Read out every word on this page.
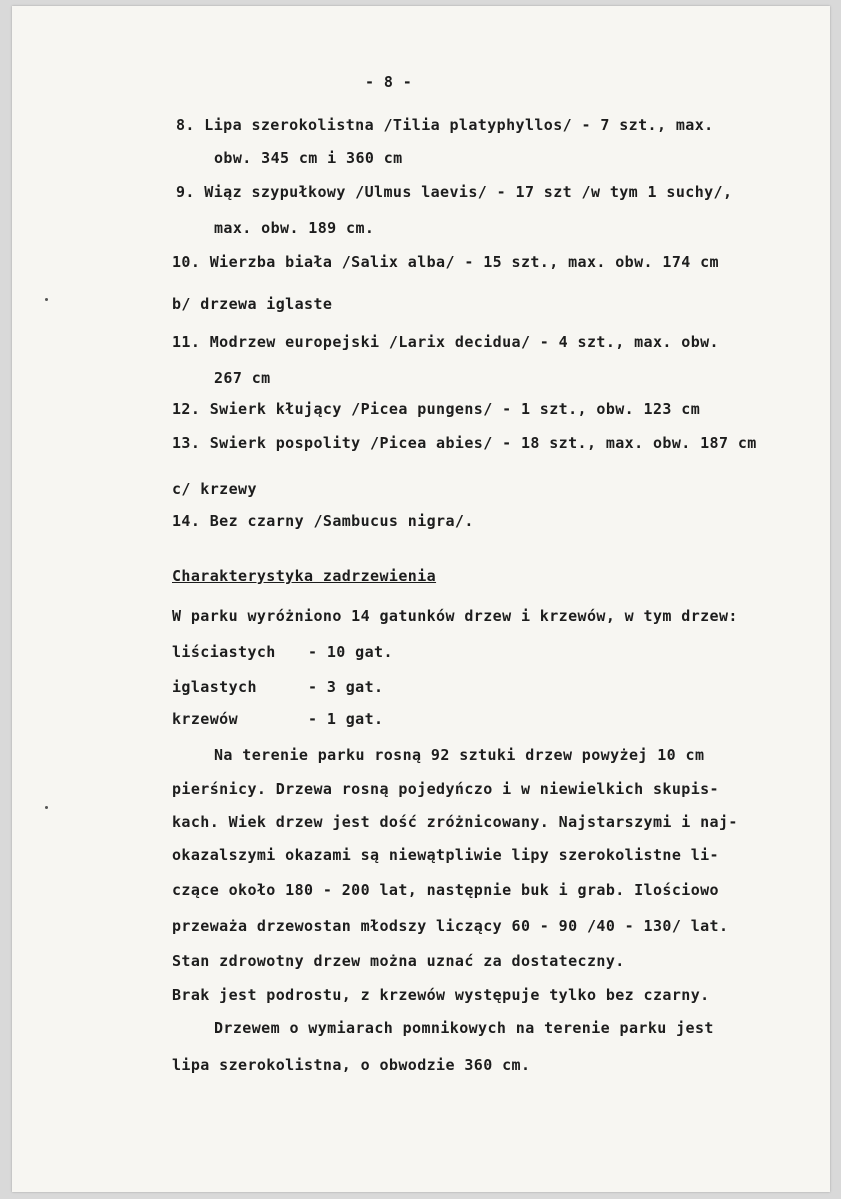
- 8 -
8. Lipa szerokolistna /Tilia platyphyllos/ - 7 szt., max.
obw. 345 cm i 360 cm
9. Wiąz szypułkowy /Ulmus laevis/ - 17 szt /w tym 1 suchy/,
max. obw. 189 cm.
10. Wierzba biała /Salix alba/ - 15 szt., max. obw. 174 cm
b/ drzewa iglaste
11. Modrzew europejski /Larix decidua/ - 4 szt., max. obw.
267 cm
12. Swierk kłujący /Picea pungens/ - 1 szt., obw. 123 cm
13. Swierk pospolity /Picea abies/ - 18 szt., max. obw. 187 cm
c/ krzewy
14. Bez czarny /Sambucus nigra/.
Charakterystyka zadrzewienia
W parku wyróżniono 14 gatunków drzew i krzewów, w tym drzew:
liściastych - 10 gat.
iglastych	- 3 gat.
krzewów	- 1 gat.
Na terenie parku rosną 92 sztuki drzew powyżej 10 cm
pierśnicy. Drzewa rosną pojedyńczo i w niewielkich skupis-
kach. Wiek drzew jest dość zróżnicowany. Najstarszymi i naj-
okazalszymi okazami są niewątpliwie lipy szerokolistne li-
czące około 180 - 200 lat, następnie buk i grab. Ilościowo
przeważa drzewostan młodszy liczący 60 - 90 /40 - 130/ lat.
Stan zdrowotny drzew można uznać za dostateczny.
Brak jest podrostu, z krzewów występuje tylko bez czarny.
Drzewem o wymiarach pomnikowych na terenie parku jest
lipa szerokolistna, o obwodzie 360 cm.
